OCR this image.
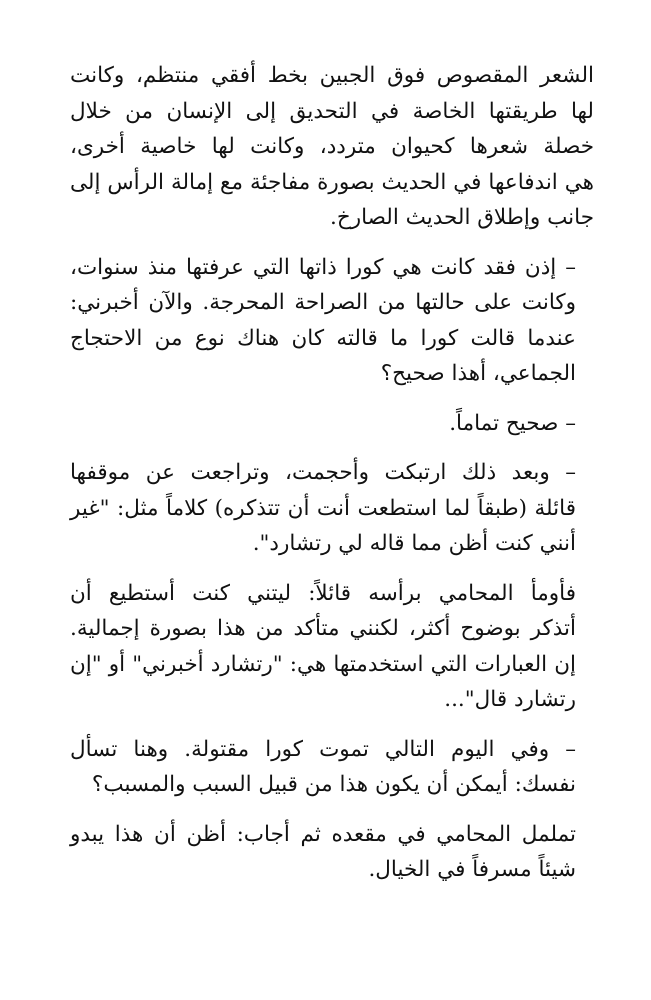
الشعر المقصوص فوق الجبين بخط أفقي منتظم، وكانت
لها طريقتها الخاصة في التحديق إلى الإنسان من خلال
خصلة شعرها كحيوان متردد، وكانت لها خاصية أخرى،
هي اندفاعها في الحديث بصورة مفاجئة مع إمالة الرأس إلى
جانب وإطلاق الحديث الصارخ.

– إذن فقد كانت هي كورا ذاتها التي عرفتها منذ سنوات،
وكانت على حالتها من الصراحة المحرجة. والآن أخبرني:
عندما قالت كورا ما قالته كان هناك نوع من الاحتجاج
الجماعي، أهذا صحيح؟

– صحيح تماماً.

– وبعد ذلك ارتبكت وأحجمت، وتراجعت عن موقفها
قائلة (طبقاً لما استطعت أنت أن تتذكره) كلاماً مثل: "غير
أنني كنت أظن مما قاله لي رتشارد".

فأومأ المحامي برأسه قائلاً: ليتني كنت أستطيع أن
أتذكر بوضوح أكثر، لكنني متأكد من هذا بصورة إجمالية.
إن العبارات التي استخدمتها هي: "رتشارد أخبرني" أو "إن
رتشارد قال"...

– وفي اليوم التالي تموت كورا مقتولة. وهنا تسأل
نفسك: أيمكن أن يكون هذا من قبيل السبب والمسبب؟

تململ المحامي في مقعده ثم أجاب: أظن أن هذا يبدو
شيئاً مسرفاً في الخيال.
